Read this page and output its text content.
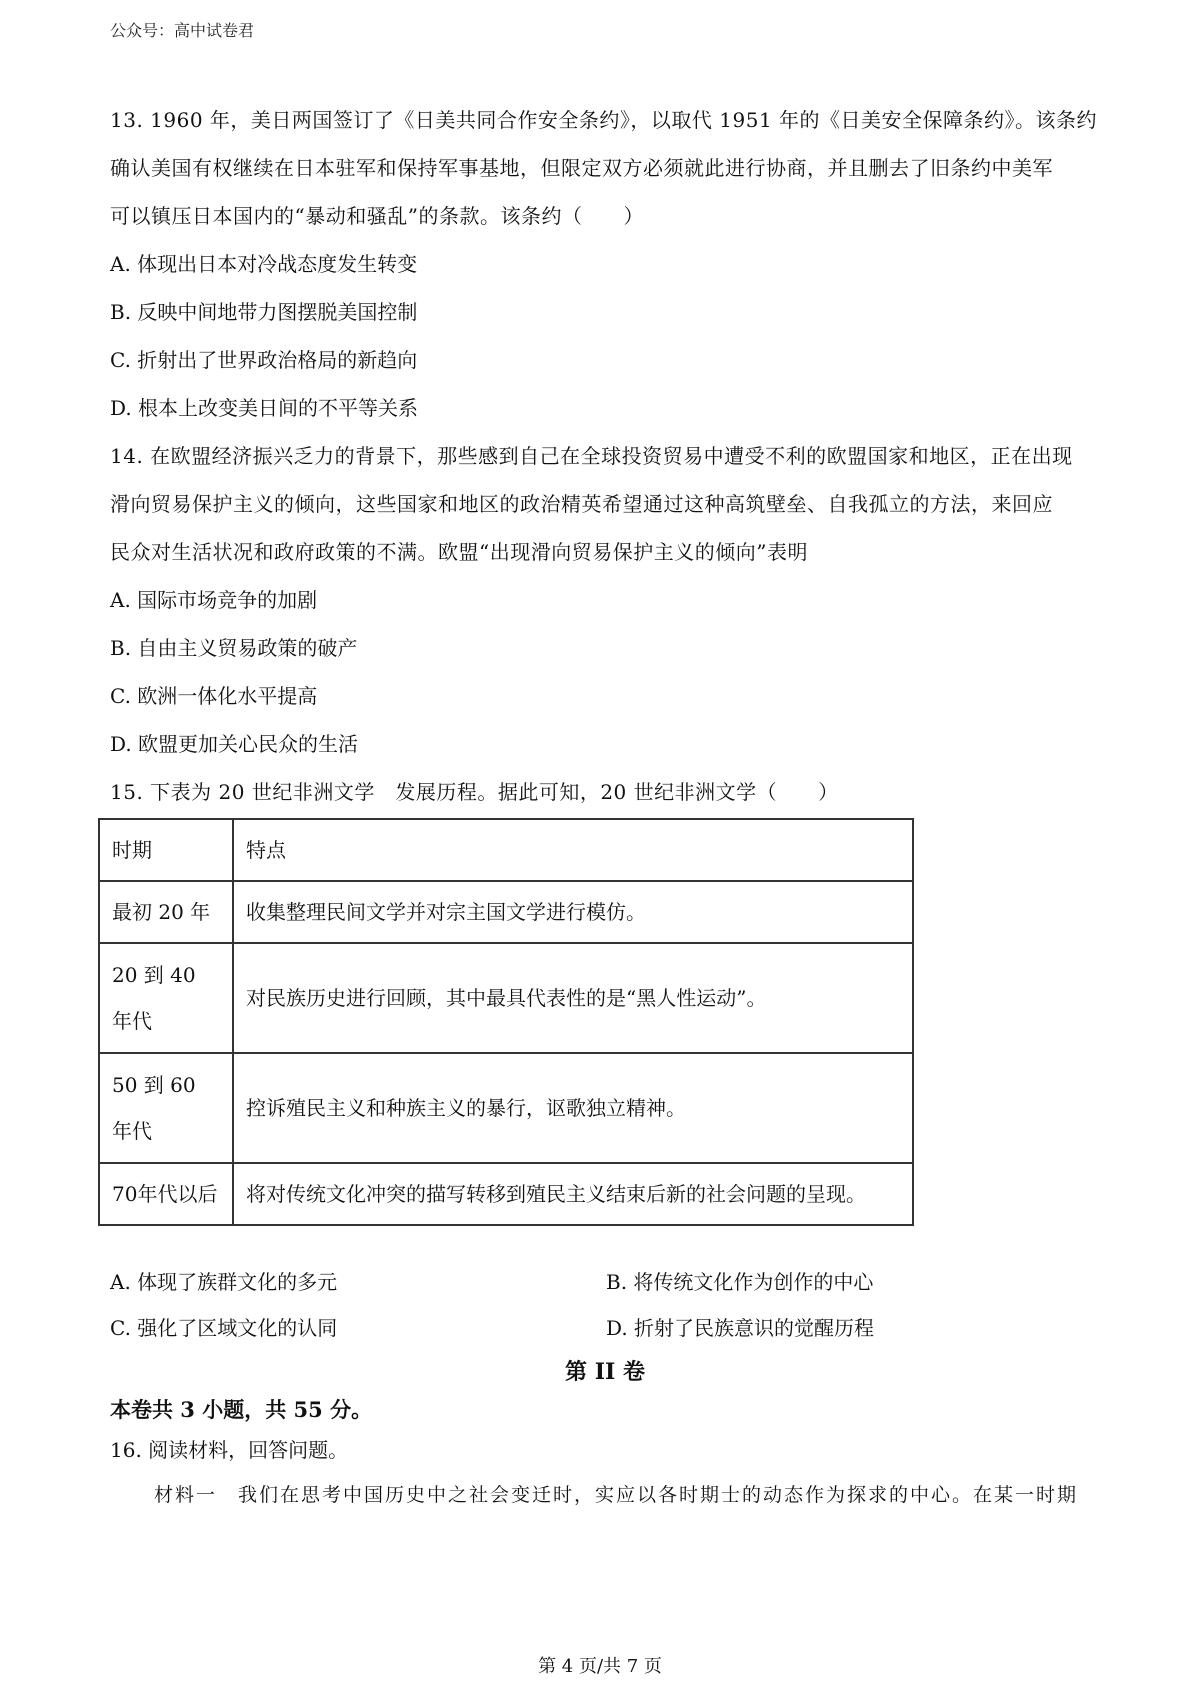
公众号：高中试卷君

13. 1960 年，美日两国签订了《日美共同合作安全条约》，以取代 1951 年的《日美安全保障条约》。该条约

确认美国有权继续在日本驻军和保持军事基地，但限定双方必须就此进行协商，并且删去了旧条约中美军

可以镇压日本国内的“暴动和骚乱”的条款。该条约（　　）

A. 体现出日本对冷战态度发生转变

B. 反映中间地带力图摆脱美国控制

C. 折射出了世界政治格局的新趋向

D. 根本上改变美日间的不平等关系

14. 在欧盟经济振兴乏力的背景下，那些感到自己在全球投资贸易中遭受不利的欧盟国家和地区，正在出现

滑向贸易保护主义的倾向，这些国家和地区的政治精英希望通过这种高筑壁垒、自我孤立的方法，来回应

民众对生活状况和政府政策的不满。欧盟“出现滑向贸易保护主义的倾向”表明

A. 国际市场竞争的加剧

B. 自由主义贸易政策的破产

C. 欧洲一体化水平提高

D. 欧盟更加关心民众的生活

15. 下表为 20 世纪非洲文学　发展历程。据此可知，20 世纪非洲文学（　　）

时期	特点
最初 20 年	收集整理民间文学并对宗主国文学进行模仿。
20 到 40 年代	对民族历史进行回顾，其中最具代表性的是“黑人性运动”。
50 到 60 年代	控诉殖民主义和种族主义的暴行，讴歌独立精神。
70年代以后	将对传统文化冲突的描写转移到殖民主义结束后新的社会问题的呈现。
A. 体现了族群文化的多元	B. 将传统文化作为创作的中心
C. 强化了区域文化的认同	D. 折射了民族意识的觉醒历程

第 II 卷

本卷共 3 小题，共 55 分。

16. 阅读材料，回答问题。

材料一　我们在思考中国历史中之社会变迁时，实应以各时期士的动态作为探求的中心。在某一时期

第 4 页/共 7 页
